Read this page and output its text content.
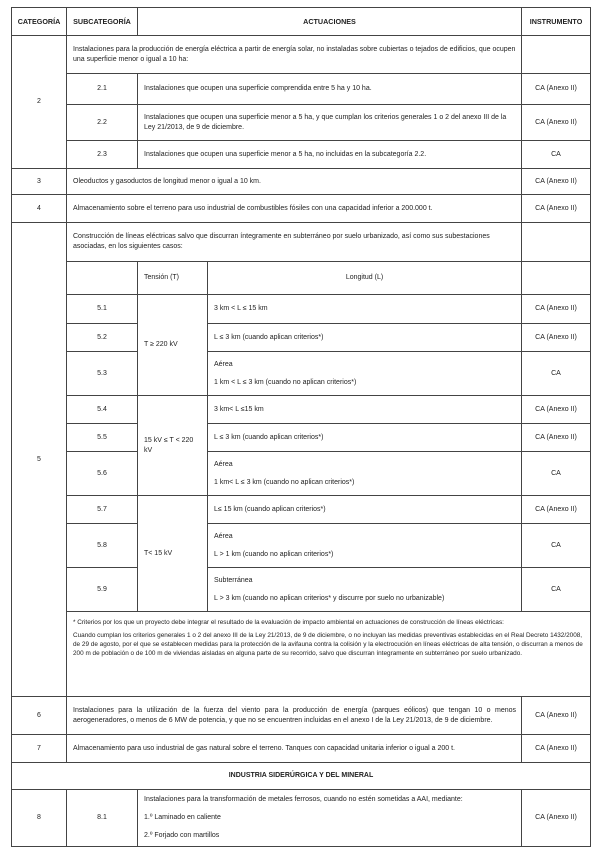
CATEGORÍA	SUBCATEGORÍA	ACTUACIONES		INSTRUMENTO
2	Instalaciones para la producción de energía eléctrica a partir de energía solar, no instaladas sobre cubiertas o tejados de edificios, que ocupen una superficie menor o igual a 10 ha:			
	2.1	Instalaciones que ocupen una superficie comprendida entre 5 ha y 10 ha.		CA (Anexo II)
	2.2	Instalaciones que ocupen una superficie menor a 5 ha, y que cumplan los criterios generales 1 o 2 del anexo III de la Ley 21/2013, de 9 de diciembre.		CA (Anexo II)
	2.3	Instalaciones que ocupen una superficie menor a 5 ha, no incluidas en la subcategoría 2.2.		CA
3	Oleoductos y gasoductos de longitud menor o igual a 10 km.			CA (Anexo II)
4	Almacenamiento sobre el terreno para uso industrial de combustibles fósiles con una capacidad inferior a 200.000 t.			CA (Anexo II)
5	Construcción de líneas eléctricas salvo que discurran íntegramente en subterráneo por suelo urbanizado, así como sus subestaciones asociadas, en los siguientes casos:			
		Tensión (T)	Longitud (L)	
	5.1	T ≥ 220 kV	3 km < L ≤ 15 km	CA (Anexo II)
	5.2		L ≤ 3 km (cuando aplican criterios*)	CA (Anexo II)
	5.3		Aérea

1 km < L ≤ 3 km (cuando no aplican criterios*)	CA
	5.4	15 kV ≤ T < 220 kV	3 km< L ≤15 km	CA (Anexo II)
	5.5		L ≤ 3 km (cuando aplican criterios*)	CA (Anexo II)
	5.6		Aérea

1 km< L ≤ 3 km (cuando no aplican criterios*)	CA
	5.7	T< 15 kV	L≤ 15 km (cuando aplican criterios*)	CA (Anexo II)
	5.8		Aérea

L > 1 km (cuando no aplican criterios*)	CA
	5.9		Subterránea

L > 3 km (cuando no aplican criterios* y discurre por suelo no urbanizable)	CA

	* Criterios por los que un proyecto debe integrar el resultado de la evaluación de impacto ambiental en actuaciones de construcción de líneas eléctricas:

Cuando cumplan los criterios generales 1 o 2 del anexo III de la Ley 21/2013, de 9 de diciembre, o no incluyan las medidas preventivas establecidas en el Real Decreto 1432/2008, de 29 de agosto, por el que se establecen medidas para la protección de la avifauna contra la colisión y la electrocución en líneas eléctricas de alta tensión, o discurran a menos de 200 m de población o de 100 m de viviendas aisladas en alguna parte de su recorrido, salvo que discurran íntegramente en subterráneo por suelo urbanizado.			

6	Instalaciones para la utilización de la fuerza del viento para la producción de energía (parques eólicos) que tengan 10 o menos aerogeneradores, o menos de 6 MW de potencia, y que no se encuentren incluidas en el anexo I de la Ley 21/2013, de 9 de diciembre.			CA (Anexo II)
7	Almacenamiento para uso industrial de gas natural sobre el terreno. Tanques con capacidad unitaria inferior o igual a 200 t.			CA (Anexo II)
INDUSTRIA SIDERÚRGICA Y DEL MINERAL				
8	8.1	Instalaciones para la transformación de metales ferrosos, cuando no estén sometidas a AAI, mediante:

1.º Laminado en caliente

2.º Forjado con martillos		CA (Anexo II)
